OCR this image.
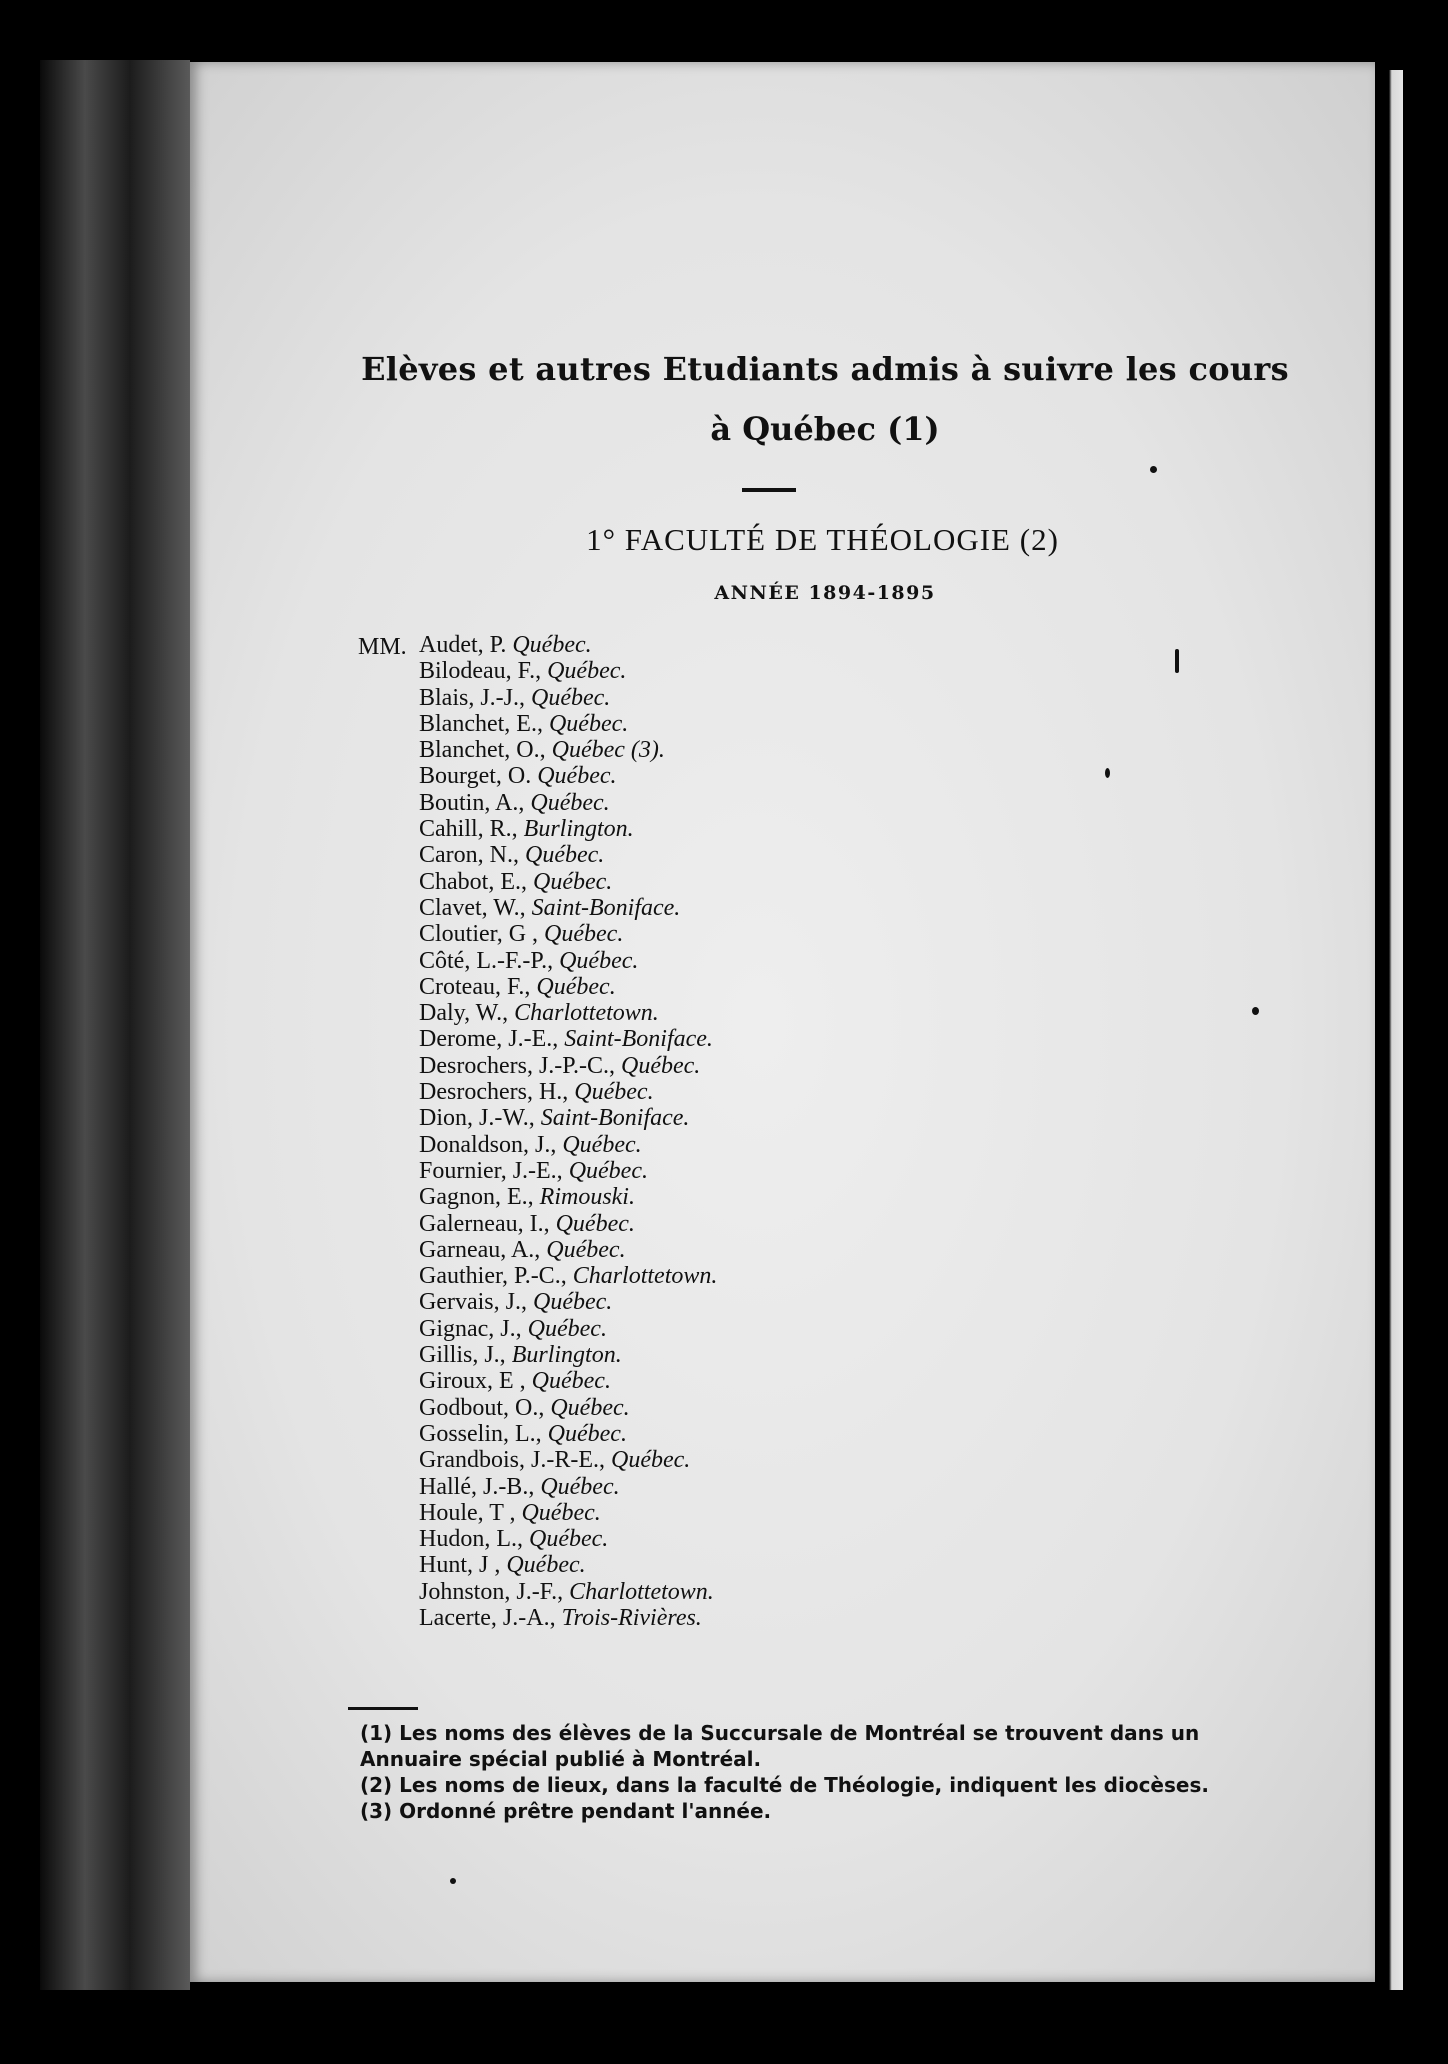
Elèves et autres Etudiants admis à suivre les cours
à Québec (1)
1° FACULTÉ DE THÉOLOGIE (2)
ANNÉE 1894-1895
MM. Audet, P. Québec.
Bilodeau, F., Québec.
Blais, J.-J., Québec.
Blanchet, E., Québec.
Blanchet, O., Québec (3).
Bourget, O. Québec.
Boutin, A., Québec.
Cahill, R., Burlington.
Caron, N., Québec.
Chabot, E., Québec.
Clavet, W., Saint-Boniface.
Cloutier, G , Québec.
Côté, L.-F.-P., Québec.
Croteau, F., Québec.
Daly, W., Charlottetown.
Derome, J.-E., Saint-Boniface.
Desrochers, J.-P.-C., Québec.
Desrochers, H., Québec.
Dion, J.-W., Saint-Boniface.
Donaldson, J., Québec.
Fournier, J.-E., Québec.
Gagnon, E., Rimouski.
Galerneau, I., Québec.
Garneau, A., Québec.
Gauthier, P.-C., Charlottetown.
Gervais, J., Québec.
Gignac, J., Québec.
Gillis, J., Burlington.
Giroux, E , Québec.
Godbout, O., Québec.
Gosselin, L., Québec.
Grandbois, J.-R-E., Québec.
Hallé, J.-B., Québec.
Houle, T , Québec.
Hudon, L., Québec.
Hunt, J , Québec.
Johnston, J.-F., Charlottetown.
Lacerte, J.-A., Trois-Rivières.

(1) Les noms des élèves de la Succursale de Montréal se trouvent dans un

Annuaire spécial publié à Montréal.

(2) Les noms de lieux, dans la faculté de Théologie, indiquent les diocèses.

(3) Ordonné prêtre pendant l'année.
